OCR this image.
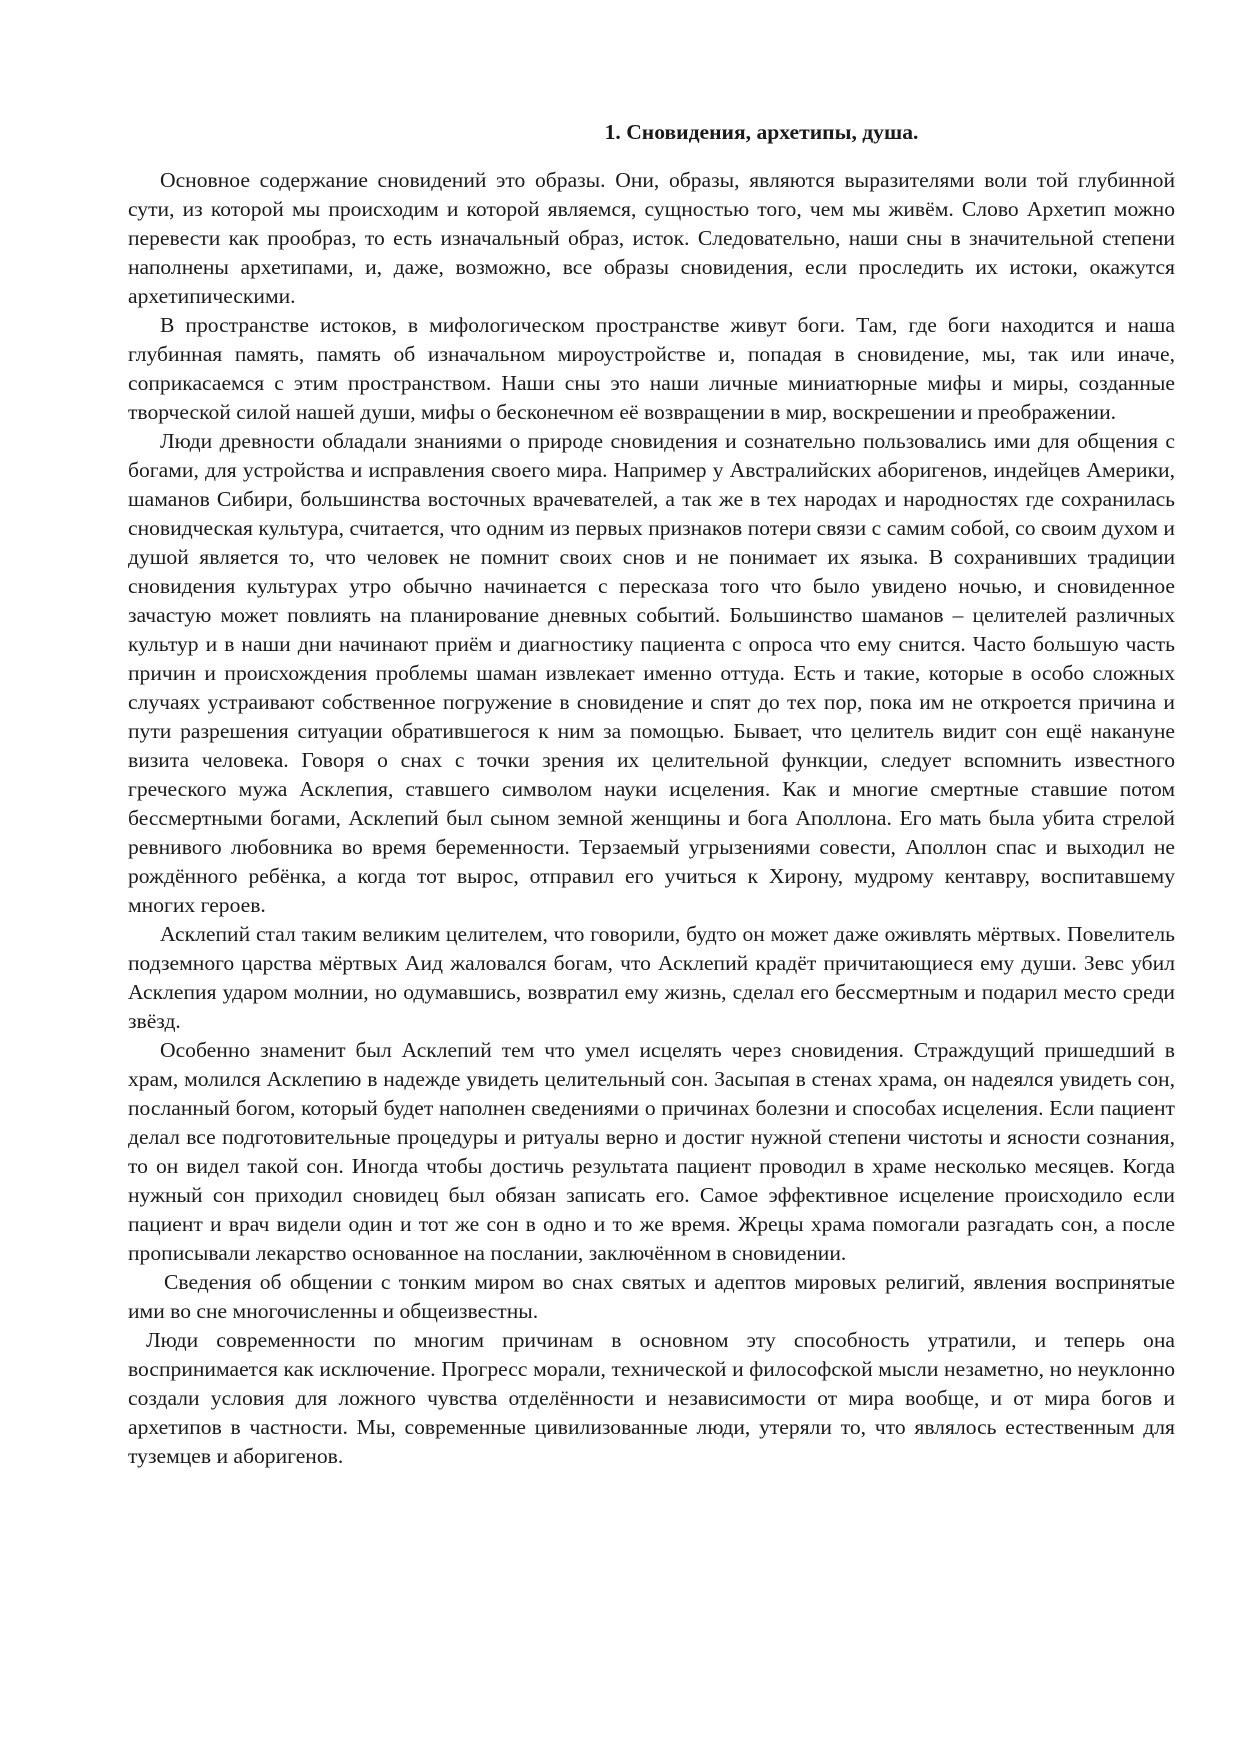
1. Сновидения, архетипы, душа.

Основное содержание сновидений это образы. Они, образы, являются выразителями воли той глубинной сути, из которой мы происходим и которой являемся, сущностью того, чем мы живём. Слово Архетип можно перевести как прообраз, то есть изначальный образ, исток. Следовательно, наши сны в значительной степени наполнены архетипами, и, даже, возможно, все образы сновидения, если проследить их истоки, окажутся архетипическими.

В пространстве истоков, в мифологическом пространстве живут боги. Там, где боги находится и наша глубинная память, память об изначальном мироустройстве и, попадая в сновидение, мы, так или иначе, соприкасаемся с этим пространством. Наши сны это наши личные миниатюрные мифы и миры, созданные творческой силой нашей души, мифы о бесконечном её возвращении в мир, воскрешении и преображении.

Люди древности обладали знаниями о природе сновидения и сознательно пользовались ими для общения с богами, для устройства и исправления своего мира. Например у Австралийских аборигенов, индейцев Америки, шаманов Сибири, большинства восточных врачевателей, а так же в тех народах и народностях где сохранилась сновидческая культура, считается, что одним из первых признаков потери связи с самим собой, со своим духом и душой является то, что человек не помнит своих снов и не понимает их языка. В сохранивших традиции сновидения культурах утро обычно начинается с пересказа того что было увидено ночью, и сновиденное зачастую может повлиять на планирование дневных событий. Большинство шаманов – целителей различных культур и в наши дни начинают приём и диагностику пациента с опроса что ему снится. Часто большую часть причин и происхождения проблемы шаман извлекает именно оттуда. Есть и такие, которые в особо сложных случаях устраивают собственное погружение в сновидение и спят до тех пор, пока им не откроется причина и пути разрешения ситуации обратившегося к ним за помощью. Бывает, что целитель видит сон ещё накануне визита человека. Говоря о снах с точки зрения их целительной функции, следует вспомнить известного греческого мужа Асклепия, ставшего символом науки исцеления. Как и многие смертные ставшие потом бессмертными богами, Асклепий был сыном земной женщины и бога Аполлона. Его мать была убита стрелой ревнивого любовника во время беременности. Терзаемый угрызениями совести, Аполлон спас и выходил не рождённого ребёнка, а когда тот вырос, отправил его учиться к Хирону, мудрому кентавру, воспитавшему многих героев.

Асклепий стал таким великим целителем, что говорили, будто он может даже оживлять мёртвых. Повелитель подземного царства мёртвых Аид жаловался богам, что Асклепий крадёт причитающиеся ему души. Зевс убил Асклепия ударом молнии, но одумавшись, возвратил ему жизнь, сделал его бессмертным и подарил место среди звёзд.

Особенно знаменит был Асклепий тем что умел исцелять через сновидения. Страждущий пришедший в храм, молился Асклепию в надежде увидеть целительный сон. Засыпая в стенах храма, он надеялся увидеть сон, посланный богом, который будет наполнен сведениями о причинах болезни и способах исцеления. Если пациент делал все подготовительные процедуры и ритуалы верно и достиг нужной степени чистоты и ясности сознания, то он видел такой сон. Иногда чтобы достичь результата пациент проводил в храме несколько месяцев. Когда нужный сон приходил сновидец был обязан записать его. Самое эффективное исцеление происходило если пациент и врач видели один и тот же сон в одно и то же время. Жрецы храма помогали разгадать сон, а после прописывали лекарство основанное на послании, заключённом в сновидении.

Сведения об общении с тонким миром во снах святых и адептов мировых религий, явления воспринятые ими во сне многочисленны и общеизвестны.

Люди современности по многим причинам в основном эту способность утратили, и теперь она воспринимается как исключение. Прогресс морали, технической и философской мысли незаметно, но неуклонно создали условия для ложного чувства отделённости и независимости от мира вообще, и от мира богов и архетипов в частности. Мы, современные цивилизованные люди, утеряли то, что являлось естественным для туземцев и аборигенов.
